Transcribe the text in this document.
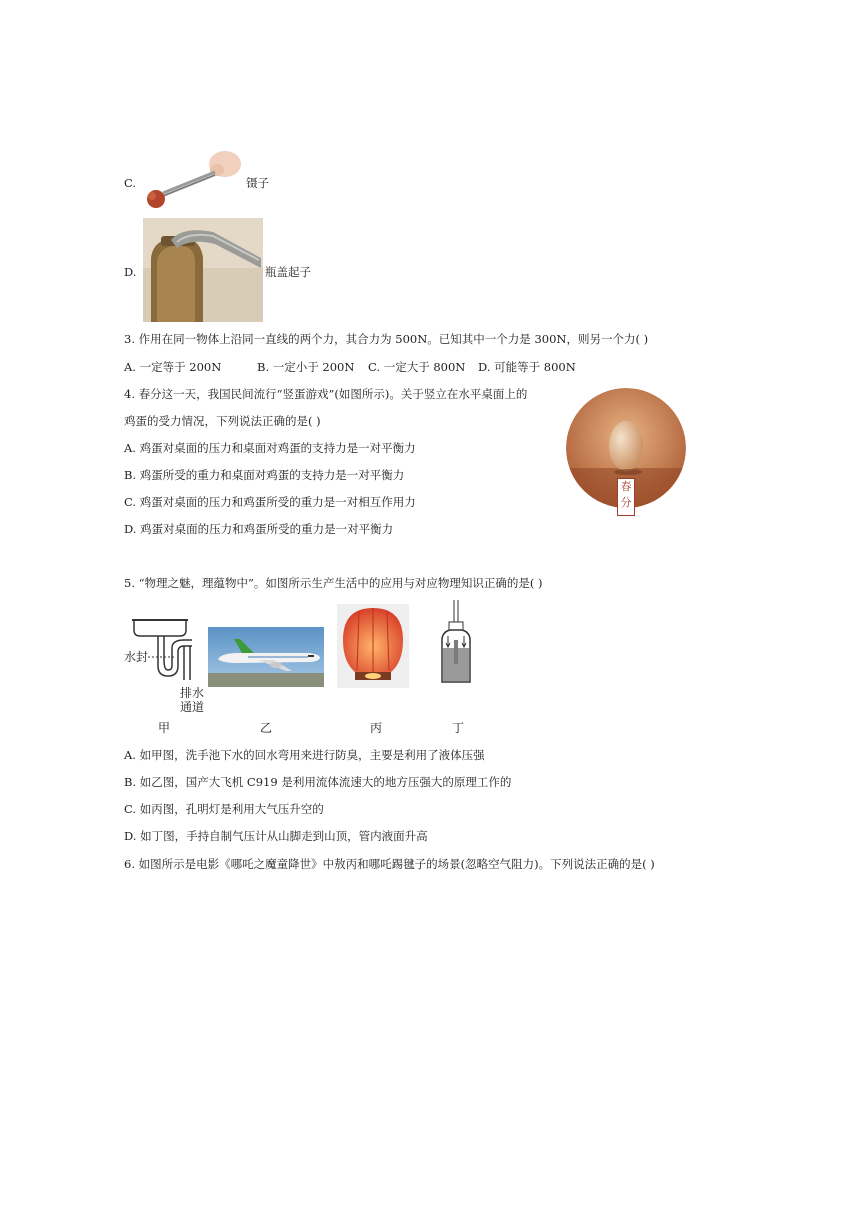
C.	镊子
D.	瓶盖起子
3. 作用在同一物体上沿同一直线的两个力，其合力为 500N。已知其中一个力是 300N，则另一个力( )
A. 一定等于 200N	B. 一定小于 200N C. 一定大于 800N D. 可能等于 800N
4. 春分这一天，我国民间流行“竖蛋游戏”(如图所示)。关于竖立在水平桌面上的
鸡蛋的受力情况，下列说法正确的是( )
A. 鸡蛋对桌面的压力和桌面对鸡蛋的支持力是一对平衡力
B. 鸡蛋所受的重力和桌面对鸡蛋的支持力是一对平衡力
C. 鸡蛋对桌面的压力和鸡蛋所受的重力是一对相互作用力
D. 鸡蛋对桌面的压力和鸡蛋所受的重力是一对平衡力
春分
5. “物理之魅，理蕴物中”。如图所示生产生活中的应用与对应物理知识正确的是( )
水封
排水
通道
甲	乙	丙	丁
A. 如甲图，洗手池下水的回水弯用来进行防臭，主要是利用了液体压强
B. 如乙图，国产大飞机 C919 是利用流体流速大的地方压强大的原理工作的
C. 如丙图，孔明灯是利用大气压升空的
D. 如丁图，手持自制气压计从山脚走到山顶，管内液面升高
6. 如图所示是电影《哪吒之魔童降世》中敖丙和哪吒踢毽子的场景(忽略空气阻力)。下列说法正确的是( )
